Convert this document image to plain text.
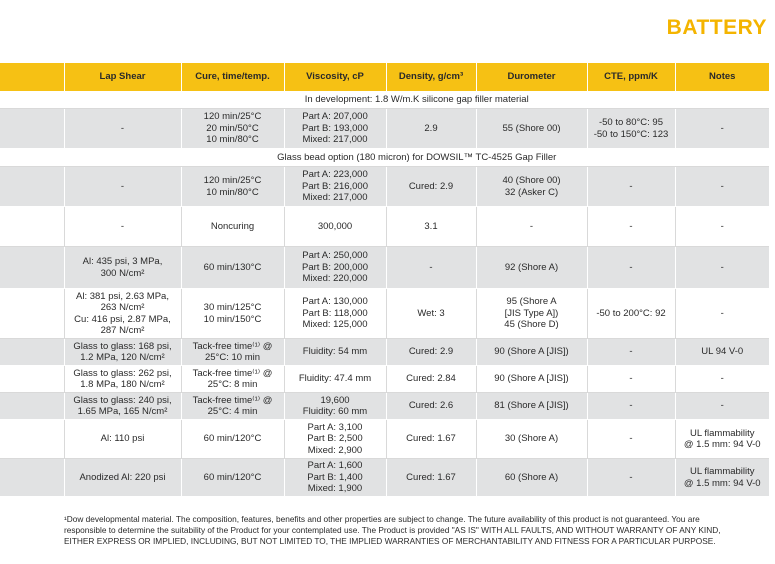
BATTERY
	Lap Shear	Cure, time/temp.	Viscosity, cP	Density, g/cm³	Durometer	CTE, ppm/K	Notes
	In development: 1.8 W/m.K silicone gap filler material						

	-	120 min/25°C
20 min/50°C
10 min/80°C	Part A: 207,000
Part B: 193,000
Mixed: 217,000	2.9	55 (Shore 00)	-50 to 80°C: 95
-50 to 150°C: 123	-

	Glass bead option (180 micron) for DOWSIL™ TC-4525 Gap Filler						

	-	120 min/25°C
10 min/80°C	Part A: 223,000
Part B: 216,000
Mixed: 217,000	Cured: 2.9	40 (Shore 00)
32 (Asker C)	-	-

	-	Noncuring	300,000	3.1	-	-	-

	Al: 435 psi, 3 MPa,
300 N/cm²	60 min/130°C	Part A: 250,000
Part B: 200,000
Mixed: 220,000	-	92 (Shore A)	-	-

	Al: 381 psi, 2.63 MPa,
263 N/cm²
Cu: 416 psi, 2.87 MPa,
287 N/cm²	30 min/125°C
10 min/150°C	Part A: 130,000
Part B: 118,000
Mixed: 125,000	Wet: 3	95 (Shore A
[JIS Type A])
45 (Shore D)	-50 to 200°C: 92	-

	Glass to glass: 168 psi,
1.2 MPa, 120 N/cm²	Tack-free time⁽¹⁾ @
25°C: 10 min	Fluidity: 54 mm	Cured: 2.9	90 (Shore A [JIS])	-	UL 94 V-0

	Glass to glass: 262 psi,
1.8 MPa, 180 N/cm²	Tack-free time⁽¹⁾ @
25°C: 8 min	Fluidity: 47.4 mm	Cured: 2.84	90 (Shore A [JIS])	-	-

	Glass to glass: 240 psi,
1.65 MPa, 165 N/cm²	Tack-free time⁽¹⁾ @
25°C: 4 min	19,600
Fluidity: 60 mm	Cured: 2.6	81 (Shore A [JIS])	-	-

	Al: 110 psi	60 min/120°C	Part A: 3,100
Part B: 2,500
Mixed: 2,900	Cured: 1.67	30 (Shore A)	-	UL flammability
@ 1.5 mm: 94 V-0

	Anodized Al: 220 psi	60 min/120°C	Part A: 1,600
Part B: 1,400
Mixed: 1,900	Cured: 1.67	60 (Shore A)	-	UL flammability
@ 1.5 mm: 94 V-0
¹Dow developmental material. The composition, features, benefits and other properties are subject to change. The future availability of this product is not guaranteed. You are
responsible to determine the suitability of the Product for your contemplated use. The Product is provided "AS IS" WITH ALL FAULTS, AND WITHOUT WARRANTY OF ANY KIND,
EITHER EXPRESS OR IMPLIED, INCLUDING, BUT NOT LIMITED TO, THE IMPLIED WARRANTIES OF MERCHANTABILITY AND FITNESS FOR A PARTICULAR PURPOSE.
